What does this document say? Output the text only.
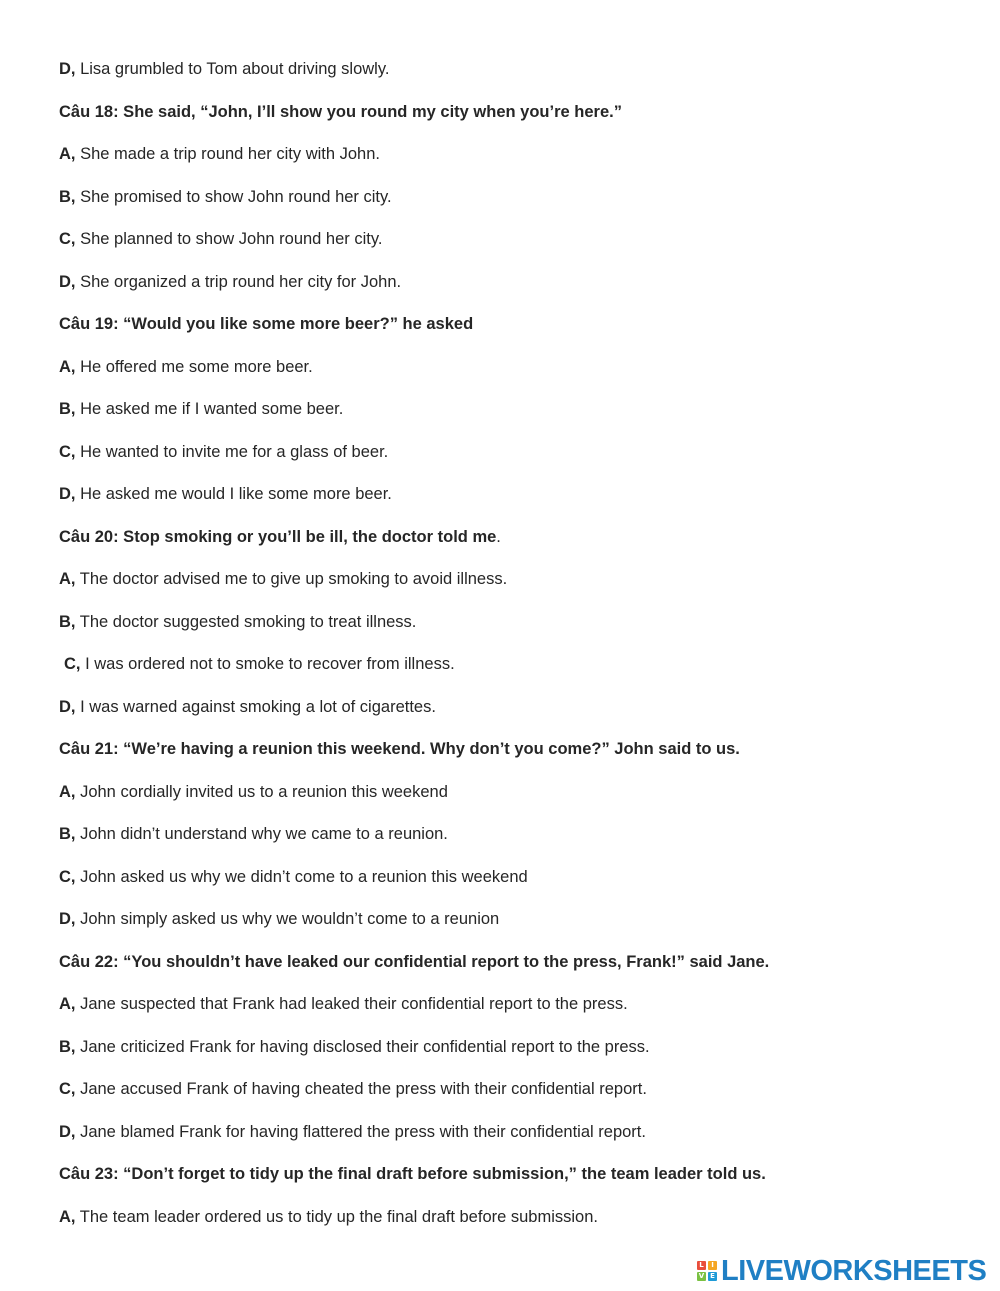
D, Lisa grumbled to Tom about driving slowly.
Câu 18: She said, “John, I’ll show you round my city when you’re here.”
A, She made a trip round her city with John.
B, She promised to show John round her city.
C, She planned to show John round her city.
D, She organized a trip round her city for John.
Câu 19: “Would you like some more beer?” he asked
A, He offered me some more beer.
B, He asked me if I wanted some beer.
C, He wanted to invite me for a glass of beer.
D, He asked me would I like some more beer.
Câu 20: Stop smoking or you’ll be ill, the doctor told me.
A, The doctor advised me to give up smoking to avoid illness.
B, The doctor suggested smoking to treat illness.
C, I was ordered not to smoke to recover from illness.
D, I was warned against smoking a lot of cigarettes.
Câu 21: “We’re having a reunion this weekend. Why don’t you come?” John said to us.
A, John cordially invited us to a reunion this weekend
B, John didn’t understand why we came to a reunion.
C, John asked us why we didn’t come to a reunion this weekend
D, John simply asked us why we wouldn’t come to a reunion
Câu 22: “You shouldn’t have leaked our confidential report to the press, Frank!” said Jane.
A, Jane suspected that Frank had leaked their confidential report to the press.
B, Jane criticized Frank for having disclosed their confidential report to the press.
C, Jane accused Frank of having cheated the press with their confidential report.
D, Jane blamed Frank for having flattered the press with their confidential report.
Câu 23: “Don’t forget to tidy up the final draft before submission,” the team leader told us.
A, The team leader ordered us to tidy up the final draft before submission.
L	I
V E LIVEWORKSHEETS
